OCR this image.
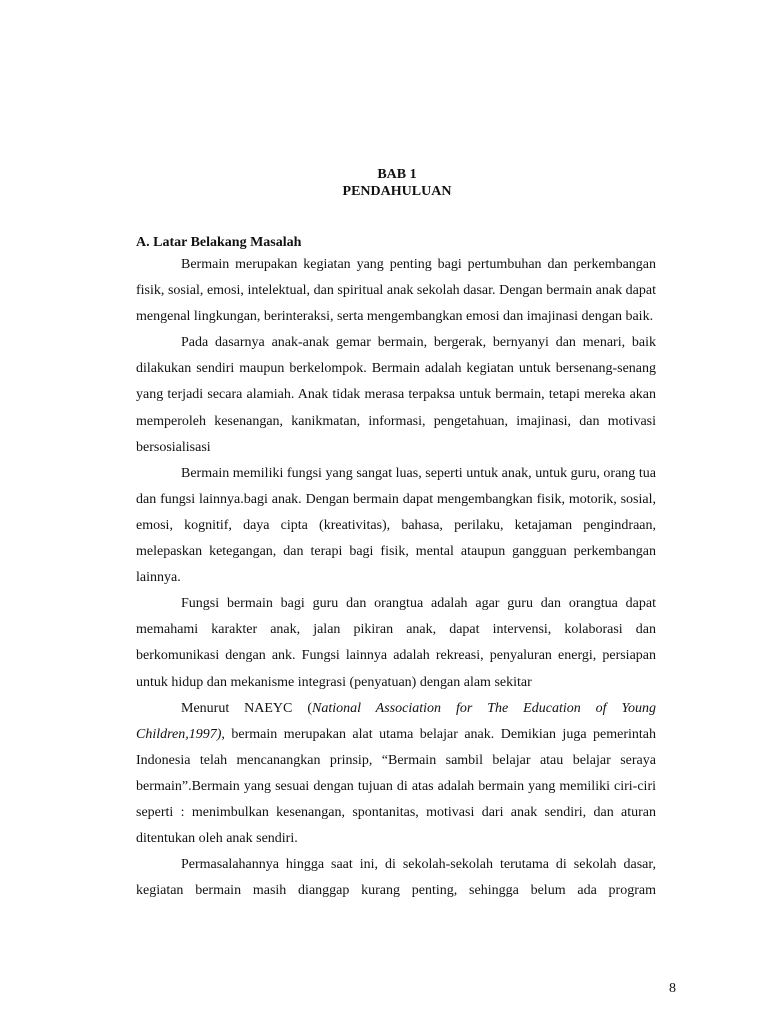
BAB 1
PENDAHULUAN
A. Latar Belakang Masalah

Bermain merupakan kegiatan yang penting bagi pertumbuhan dan perkembangan fisik, sosial, emosi, intelektual, dan spiritual anak sekolah dasar. Dengan bermain anak dapat mengenal lingkungan, berinteraksi, serta mengembangkan emosi dan imajinasi dengan baik.

Pada dasarnya anak-anak gemar bermain, bergerak, bernyanyi dan menari, baik dilakukan sendiri maupun berkelompok. Bermain adalah kegiatan untuk bersenang-senang yang terjadi secara alamiah. Anak tidak merasa terpaksa untuk bermain, tetapi mereka akan memperoleh kesenangan, kanikmatan, informasi, pengetahuan, imajinasi, dan motivasi bersosialisasi

Bermain memiliki fungsi yang sangat luas, seperti untuk anak, untuk guru, orang tua dan fungsi lainnya.bagi anak. Dengan bermain dapat mengembangkan fisik, motorik, sosial, emosi, kognitif, daya cipta (kreativitas), bahasa, perilaku, ketajaman pengindraan, melepaskan ketegangan, dan terapi bagi fisik, mental ataupun gangguan perkembangan lainnya.

Fungsi bermain bagi guru dan orangtua adalah agar guru dan orangtua dapat memahami karakter anak, jalan pikiran anak, dapat intervensi, kolaborasi dan berkomunikasi dengan ank. Fungsi lainnya adalah rekreasi, penyaluran energi, persiapan untuk hidup dan mekanisme integrasi (penyatuan) dengan alam sekitar

Menurut NAEYC (National Association for The Education of Young Children,1997), bermain merupakan alat utama belajar anak. Demikian juga pemerintah Indonesia telah mencanangkan prinsip, “Bermain sambil belajar atau belajar seraya bermain”.Bermain yang sesuai dengan tujuan di atas adalah bermain yang memiliki ciri-ciri seperti : menimbulkan kesenangan, spontanitas, motivasi dari anak sendiri, dan aturan ditentukan oleh anak sendiri.

Permasalahannya hingga saat ini, di sekolah-sekolah terutama di sekolah dasar, kegiatan bermain masih dianggap kurang penting, sehingga belum ada program

8
